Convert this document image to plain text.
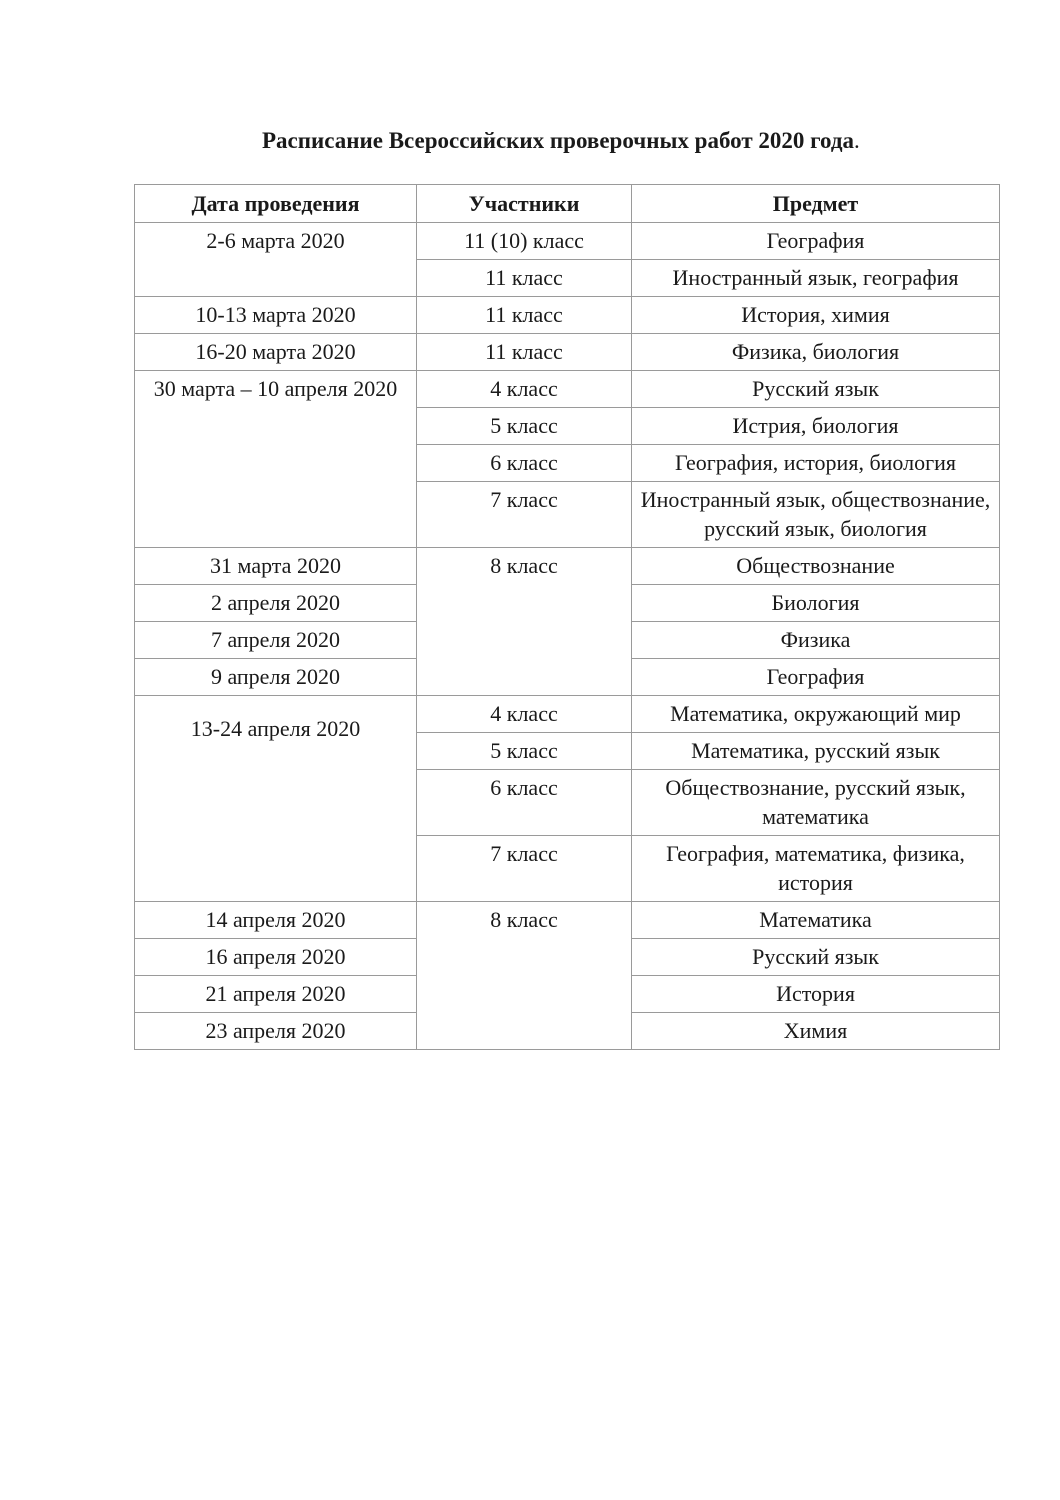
Расписание Всероссийских проверочных работ 2020 года.
Дата проведения	Участники	Предмет
2-6 марта 2020	11 (10) класс	География
	11 класс	Иностранный язык, география
10-13 марта 2020	11 класс	История, химия
16-20 марта 2020	11 класс	Физика, биология
30 марта – 10 апреля 2020	4 класс	Русский язык
	5 класс	Истрия, биология
	6 класс	География, история, биология
	7 класс	Иностранный язык, обществознание, русский язык, биология
31 марта 2020	8 класс	Обществознание
2 апреля 2020		Биология
7 апреля 2020		Физика
9 апреля 2020		География
13-24 апреля 2020	4 класс	Математика, окружающий мир
	5 класс	Математика, русский язык
	6 класс	Обществознание, русский язык, математика
	7 класс	География, математика, физика, история
14 апреля 2020	8 класс	Математика
16 апреля 2020		Русский язык
21 апреля 2020		История
23 апреля 2020		Химия
